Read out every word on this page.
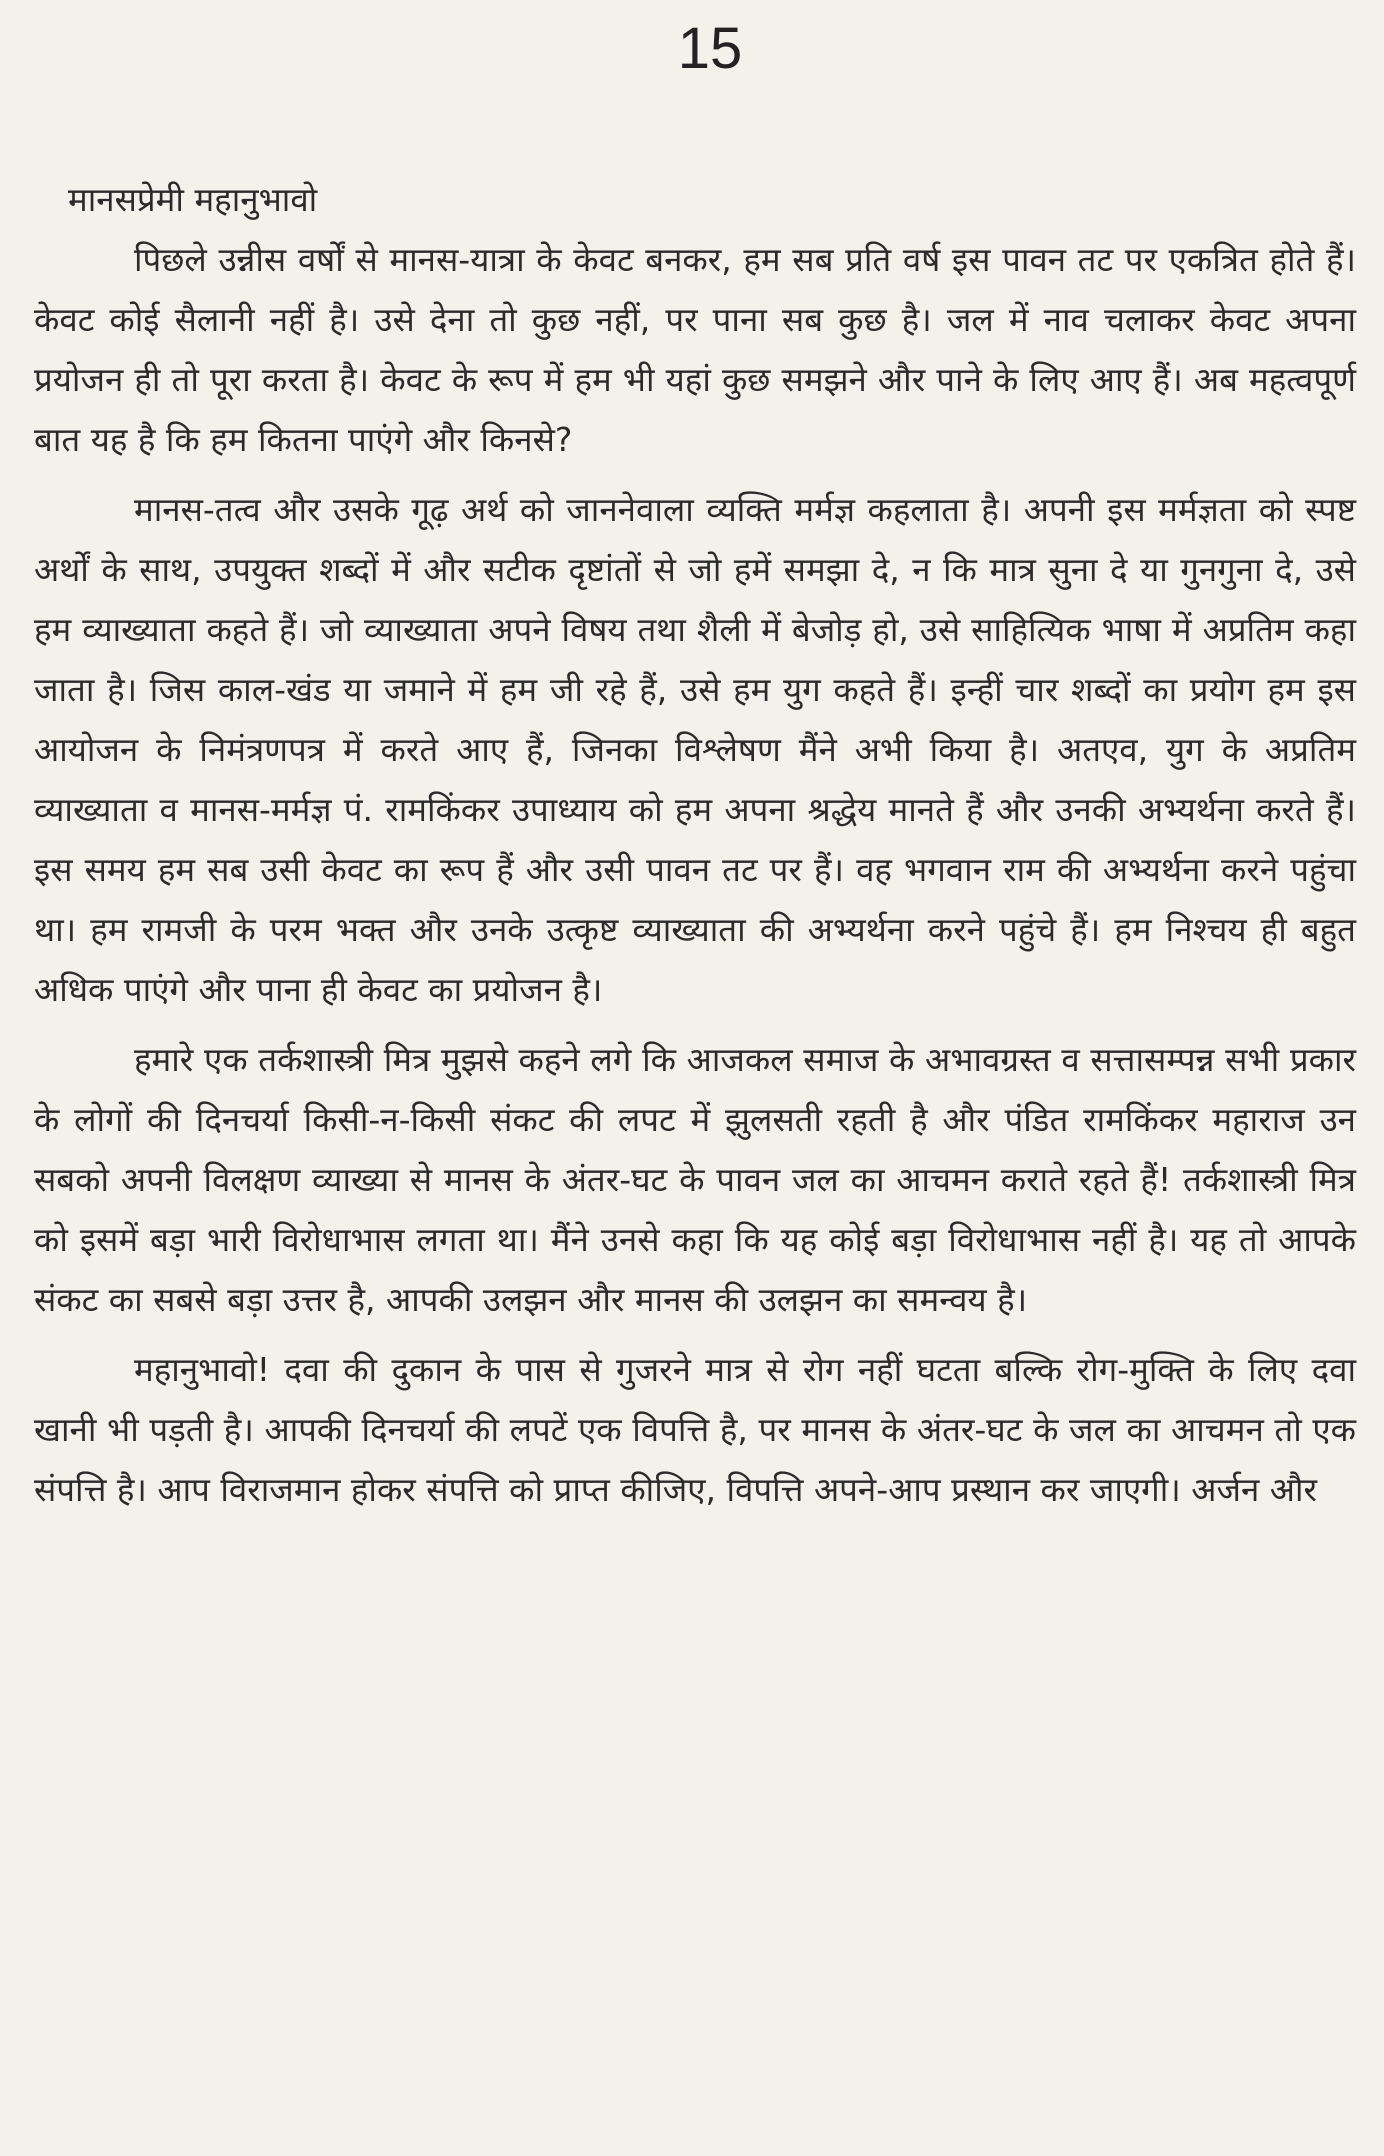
15
मानसप्रेमी महानुभावो

पिछले उन्नीस वर्षों से मानस-यात्रा के केवट बनकर, हम सब प्रति वर्ष इस पावन तट पर एकत्रित होते हैं। केवट कोई सैलानी नहीं है। उसे देना तो कुछ नहीं, पर पाना सब कुछ है। जल में नाव चलाकर केवट अपना प्रयोजन ही तो पूरा करता है। केवट के रूप में हम भी यहां कुछ समझने और पाने के लिए आए हैं। अब महत्वपूर्ण बात यह है कि हम कितना पाएंगे और किनसे?

मानस-तत्व और उसके गूढ़ अर्थ को जाननेवाला व्यक्ति मर्मज्ञ कहलाता है। अपनी इस मर्मज्ञता को स्पष्ट अर्थों के साथ, उपयुक्त शब्दों में और सटीक दृष्टांतों से जो हमें समझा दे, न कि मात्र सुना दे या गुनगुना दे, उसे हम व्याख्याता कहते हैं। जो व्याख्याता अपने विषय तथा शैली में बेजोड़ हो, उसे साहित्यिक भाषा में अप्रतिम कहा जाता है। जिस काल-खंड या जमाने में हम जी रहे हैं, उसे हम युग कहते हैं। इन्हीं चार शब्दों का प्रयोग हम इस आयोजन के निमंत्रणपत्र में करते आए हैं, जिनका विश्लेषण मैंने अभी किया है। अतएव, युग के अप्रतिम व्याख्याता व मानस-मर्मज्ञ पं. रामकिंकर उपाध्याय को हम अपना श्रद्धेय मानते हैं और उनकी अभ्यर्थना करते हैं। इस समय हम सब उसी केवट का रूप हैं और उसी पावन तट पर हैं। वह भगवान राम की अभ्यर्थना करने पहुंचा था। हम रामजी के परम भक्त और उनके उत्कृष्ट व्याख्याता की अभ्यर्थना करने पहुंचे हैं। हम निश्चय ही बहुत अधिक पाएंगे और पाना ही केवट का प्रयोजन है।

हमारे एक तर्कशास्त्री मित्र मुझसे कहने लगे कि आजकल समाज के अभावग्रस्त व सत्तासम्पन्न सभी प्रकार के लोगों की दिनचर्या किसी-न-किसी संकट की लपट में झुलसती रहती है और पंडित रामकिंकर महाराज उन सबको अपनी विलक्षण व्याख्या से मानस के अंतर-घट के पावन जल का आचमन कराते रहते हैं! तर्कशास्त्री मित्र को इसमें बड़ा भारी विरोधाभास लगता था। मैंने उनसे कहा कि यह कोई बड़ा विरोधाभास नहीं है। यह तो आपके संकट का सबसे बड़ा उत्तर है, आपकी उलझन और मानस की उलझन का समन्वय है।

महानुभावो! दवा की दुकान के पास से गुजरने मात्र से रोग नहीं घटता बल्कि रोग-मुक्ति के लिए दवा खानी भी पड़ती है। आपकी दिनचर्या की लपटें एक विपत्ति है, पर मानस के अंतर-घट के जल का आचमन तो एक संपत्ति है। आप विराजमान होकर संपत्ति को प्राप्त कीजिए, विपत्ति अपने-आप प्रस्थान कर जाएगी। अर्जन और
